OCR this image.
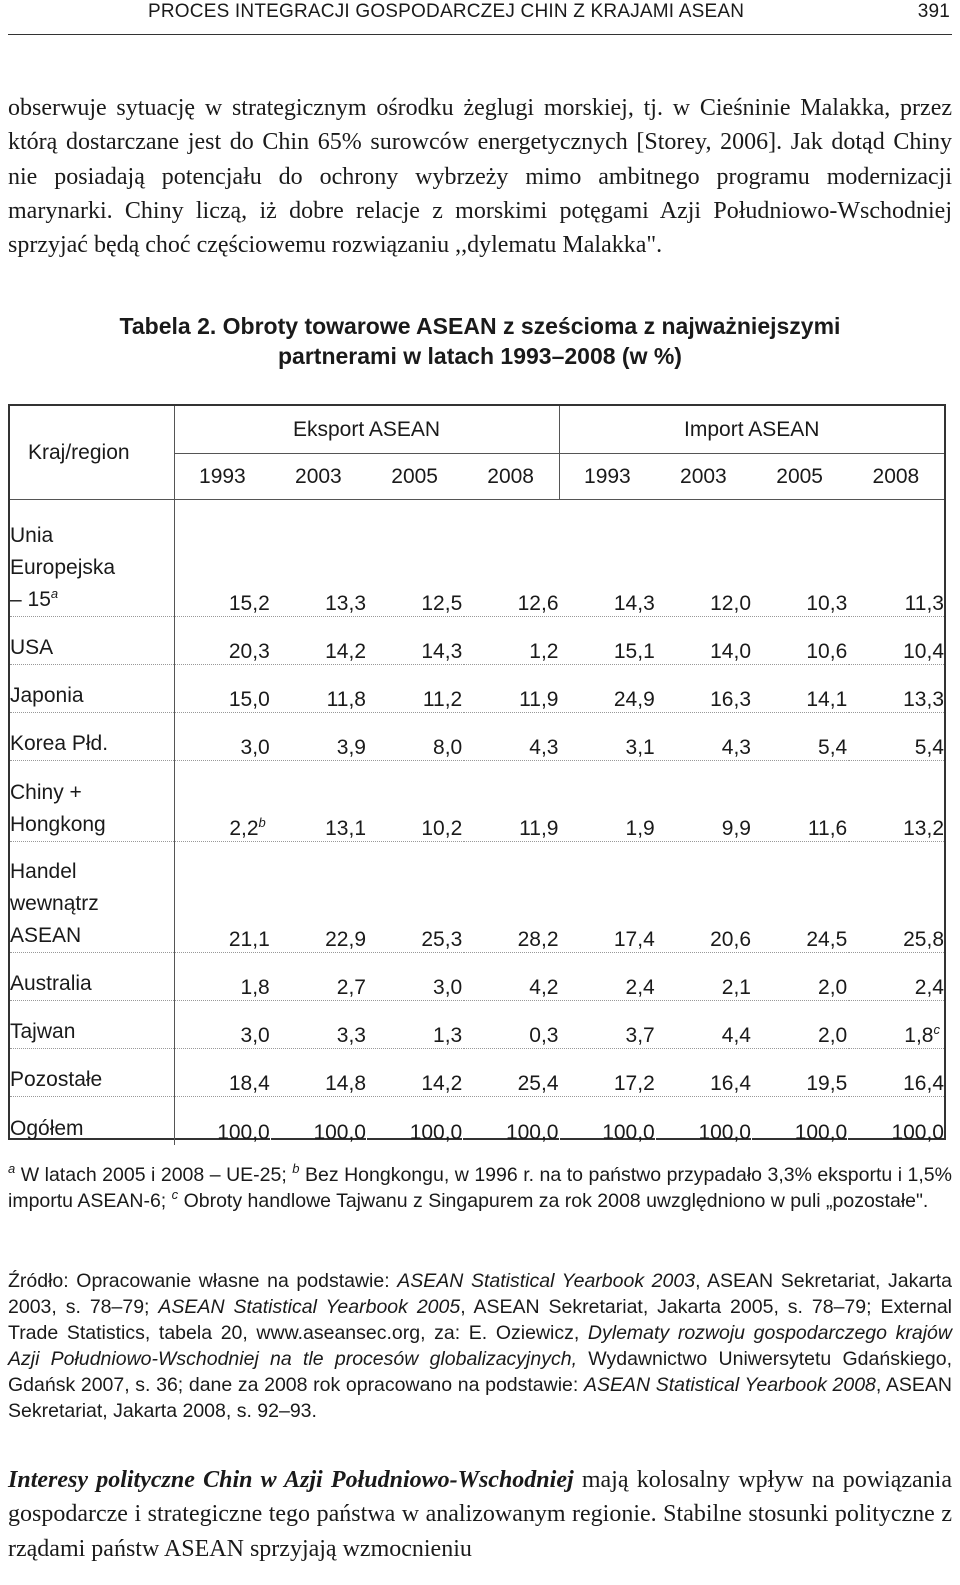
PROCES INTEGRACJI GOSPODARCZEJ CHIN Z KRAJAMI ASEAN	391

obserwuje sytuację w strategicznym ośrodku żeglugi morskiej, tj. w Cieśninie Malakka, przez którą dostarczane jest do Chin 65% surowców energetycznych [Storey, 2006]. Jak dotąd Chiny nie posiadają potencjału do ochrony wybrzeży mimo ambitnego programu modernizacji marynarki. Chiny liczą, iż dobre relacje z morskimi potęgami Azji Południowo-Wschodniej sprzyjać będą choć częściowemu rozwiązaniu ,,dylematu Malakka".

Tabela 2. Obroty towarowe ASEAN z sześcioma z najważniejszymi
partnerami w latach 1993–2008 (w %)
Kraj/region	Eksport ASEAN				Import ASEAN			
	1993	2003	2005	2008	1993	2003	2005	2008

Unia
Europejska
– 15$^a$	15,2	13,3	12,5	12,6	14,3	12,0	10,3	11,3

USA	20,3	14,2	14,3	1,2	15,1	14,0	10,6	10,4

Japonia	15,0	11,8	11,2	11,9	24,9	16,3	14,1	13,3

Korea Płd.	3,0	3,9	8,0	4,3	3,1	4,3	5,4	5,4

Chiny +
Hongkong	2,2$^b$	13,1	10,2	11,9	1,9	9,9	11,6	13,2

Handel
wewnątrz
ASEAN	21,1	22,9	25,3	28,2	17,4	20,6	24,5	25,8

Australia	1,8	2,7	3,0	4,2	2,4	2,1	2,0	2,4

Tajwan	3,0	3,3	1,3	0,3	3,7	4,4	2,0	1,8$^c$

Pozostałe	18,4	14,8	14,2	25,4	17,2	16,4	19,5	16,4

Ogółem	100,0	100,0	100,0	100,0	100,0	100,0	100,0	100,0

$^a$ W latach 2005 i 2008 – UE-25; $^b$ Bez Hongkongu, w 1996 r. na to państwo przypadało 3,3% eksportu i 1,5% importu ASEAN-6; $^c$ Obroty handlowe Tajwanu z Singapurem za rok 2008 uwzględniono w puli „pozostałe".

Źródło: Opracowanie własne na podstawie: ASEAN Statistical Yearbook 2003, ASEAN Sekretariat, Jakarta 2003, s. 78–79; ASEAN Statistical Yearbook 2005, ASEAN Sekretariat, Jakarta 2005, s. 78–79; External Trade Statistics, tabela 20, www.aseansec.org, za: E. Oziewicz, Dylematy rozwoju gospodarczego krajów Azji Południowo-Wschodniej na tle procesów globalizacyjnych, Wydawnictwo Uniwersytetu Gdańskiego, Gdańsk 2007, s. 36; dane za 2008 rok opracowano na podstawie: ASEAN Statistical Yearbook 2008, ASEAN Sekretariat, Jakarta 2008, s. 92–93.

Interesy polityczne Chin w Azji Południowo-Wschodniej mają kolosalny wpływ na powiązania gospodarcze i strategiczne tego państwa w analizowanym regionie. Stabilne stosunki polityczne z rządami państw ASEAN sprzyjają wzmocnieniu
